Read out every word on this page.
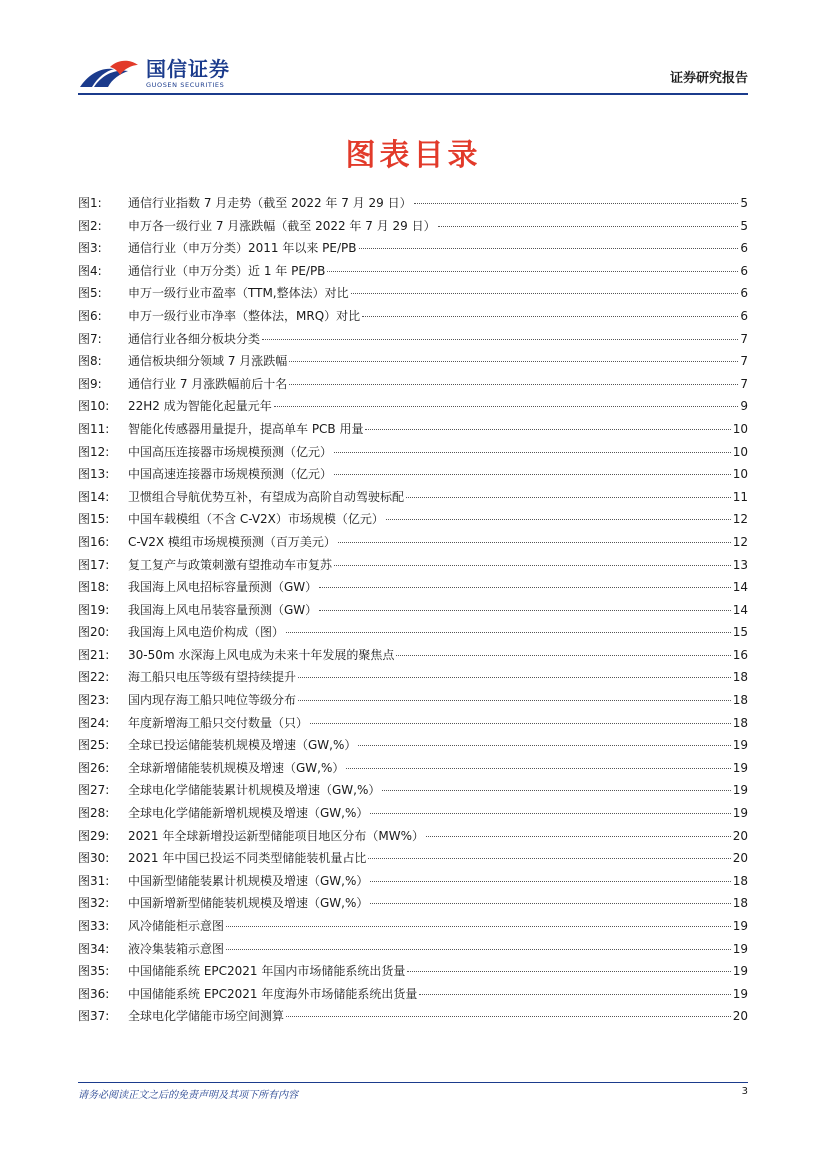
国信证券
GUOSEN SECURITIES	证券研究报告
图表目录
图1:	通信行业指数 7 月走势（截至 2022 年 7 月 29 日）	5
图2:	申万各一级行业 7 月涨跌幅（截至 2022 年 7 月 29 日）	5
图3:	通信行业（申万分类）2011 年以来 PE/PB	6
图4:	通信行业（申万分类）近 1 年 PE/PB	6
图5:	申万一级行业市盈率（TTM,整体法）对比	6
图6:	申万一级行业市净率（整体法，MRQ）对比	6
图7:	通信行业各细分板块分类	7
图8:	通信板块细分领域 7 月涨跌幅	7
图9:	通信行业 7 月涨跌幅前后十名	7
图10:	22H2 成为智能化起量元年	9
图11:	智能化传感器用量提升，提高单车 PCB 用量	10
图12:	中国高压连接器市场规模预测（亿元）	10
图13:	中国高速连接器市场规模预测（亿元）	10
图14:	卫惯组合导航优势互补，有望成为高阶自动驾驶标配	11
图15:	中国车载模组（不含 C-V2X）市场规模（亿元）	12
图16:	C-V2X 模组市场规模预测（百万美元）	12
图17:	复工复产与政策刺激有望推动车市复苏	13
图18:	我国海上风电招标容量预测（GW）	14
图19:	我国海上风电吊装容量预测（GW）	14
图20:	我国海上风电造价构成（图）	15
图21:	30-50m 水深海上风电成为未来十年发展的聚焦点	16
图22:	海工船只电压等级有望持续提升	18
图23:	国内现存海工船只吨位等级分布	18
图24:	年度新增海工船只交付数量（只）	18
图25:	全球已投运储能装机规模及增速（GW,%）	19
图26:	全球新增储能装机规模及增速（GW,%）	19
图27:	全球电化学储能装累计机规模及增速（GW,%）	19
图28:	全球电化学储能新增机规模及增速（GW,%）	19
图29:	2021 年全球新增投运新型储能项目地区分布（MW%）	20
图30:	2021 年中国已投运不同类型储能装机量占比	20
图31:	中国新型储能装累计机规模及增速（GW,%）	18
图32:	中国新增新型储能装机规模及增速（GW,%）	18
图33:	风冷储能柜示意图	19
图34:	液冷集装箱示意图	19
图35:	中国储能系统 EPC2021 年国内市场储能系统出货量	19
图36:	中国储能系统 EPC2021 年度海外市场储能系统出货量	19
图37:	全球电化学储能市场空间测算	20
请务必阅读正文之后的免责声明及其项下所有内容	3
